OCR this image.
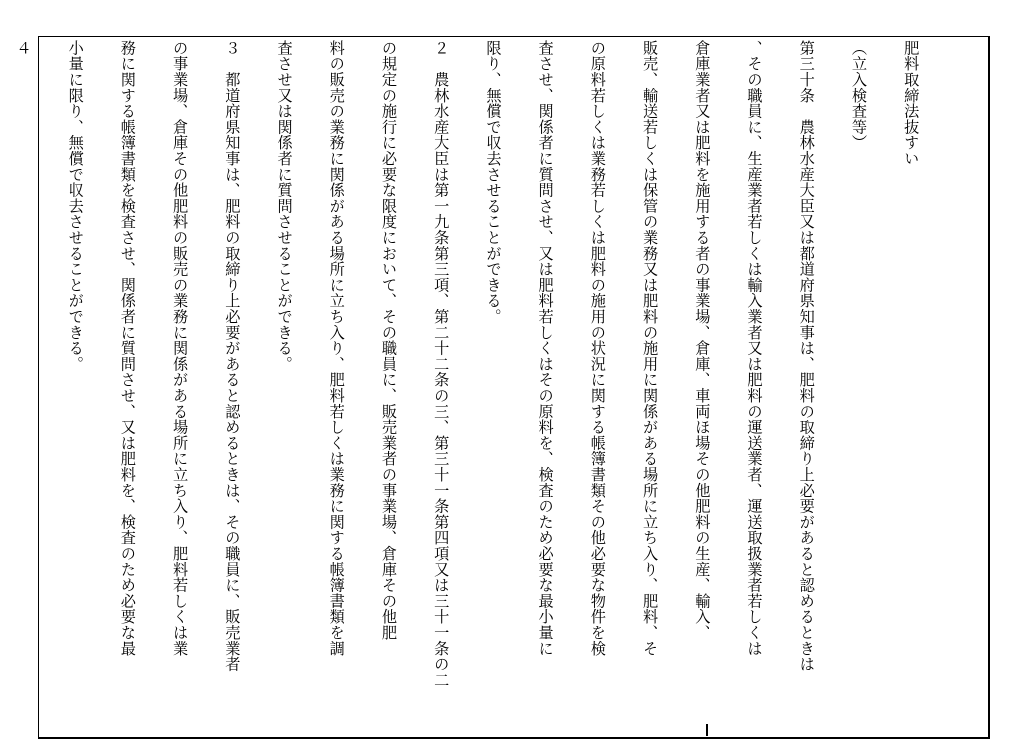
肥料取締法抜すい

（立入検査等）

第三十条　農林水産大臣又は都道府県知事は、肥料の取締り上必要があると認めるときは

、その職員に、生産業者若しくは輸入業者又は肥料の運送業者、運送取扱業者若しくは

倉庫業者又は肥料を施用する者の事業場、倉庫、車両ほ場その他肥料の生産、輸入、

販売、輸送若しくは保管の業務又は肥料の施用に関係がある場所に立ち入り、肥料、そ

の原料若しくは業務若しくは肥料の施用の状況に関する帳簿書類その他必要な物件を検

査させ、関係者に質問させ、又は肥料若しくはその原料を、検査のため必要な最小量に

限り、無償で収去させることができる。

２　農林水産大臣は第一九条第三項、第二十二条の三、第三十一条第四項又は三十一条の二

の規定の施行に必要な限度において、その職員に、販売業者の事業場、倉庫その他肥

料の販売の業務に関係がある場所に立ち入り、肥料若しくは業務に関する帳簿書類を調

査させ又は関係者に質問させることができる。

３　都道府県知事は、肥料の取締り上必要があると認めるときは、その職員に、販売業者

の事業場、倉庫その他肥料の販売の業務に関係がある場所に立ち入り、肥料若しくは業

務に関する帳簿書類を検査させ、関係者に質問させ、又は肥料を、検査のため必要な最

小量に限り、無償で収去させることができる。

４
